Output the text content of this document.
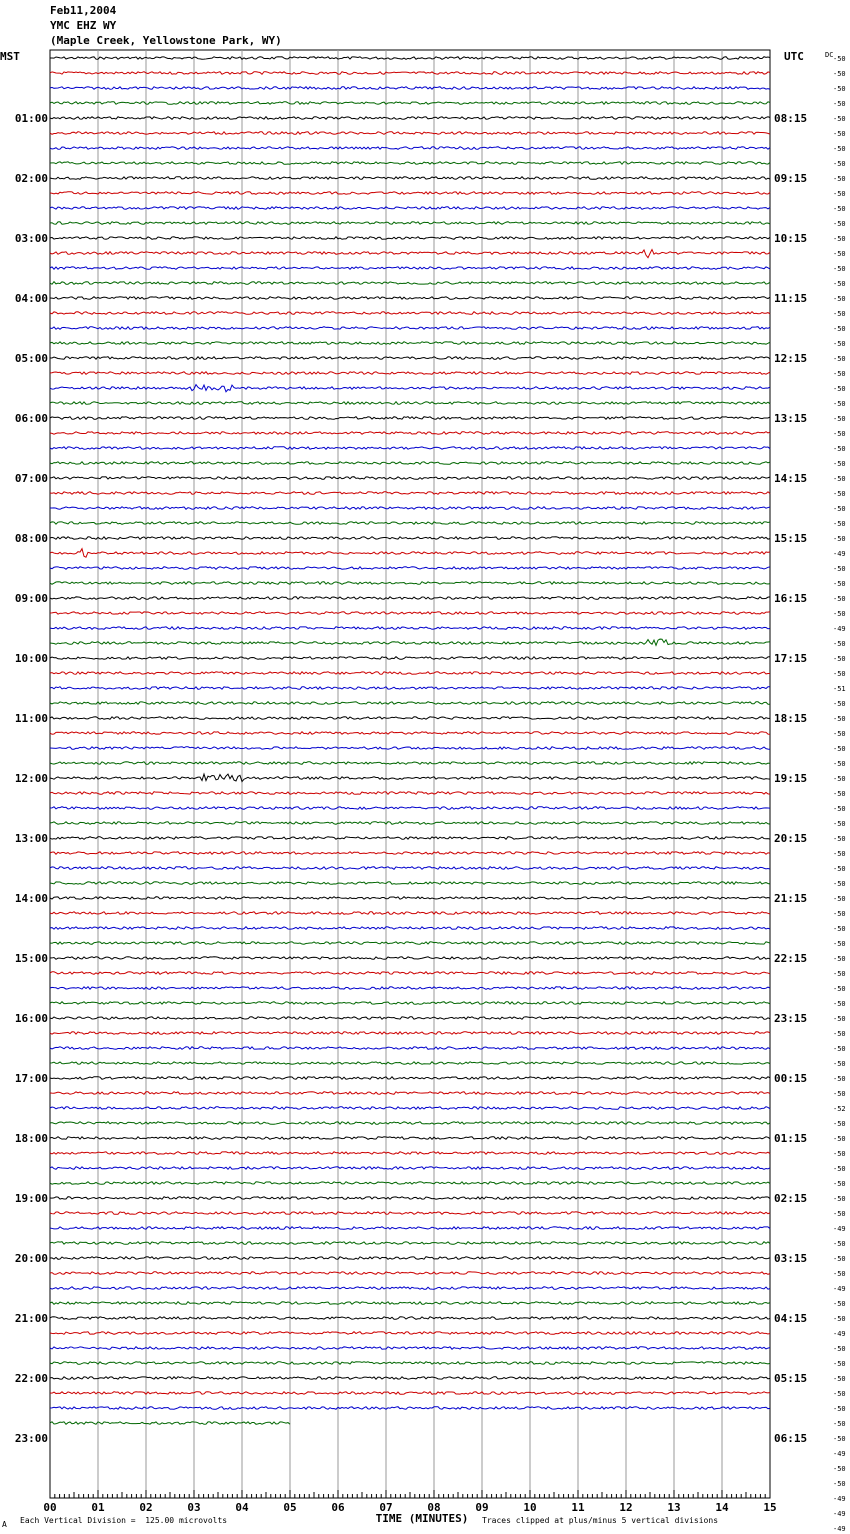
Feb11,2004
YMC EHZ WY
(Maple Creek, Yellowstone Park, WY)
MST
01:00
02:00
03:00
04:00
05:00
06:00
07:00
08:00
09:00
10:00
11:00
12:00
13:00
14:00
15:00
16:00
17:00
18:00
19:00
20:00
21:00
22:00
23:00
UTC
08:15
09:15
10:15
11:15
12:15
13:15
14:15
15:15
16:15
17:15
18:15
19:15
20:15
21:15
22:15
23:15
00:15
01:15
02:15
03:15
04:15
05:15
06:15
DC -50
-50
-50
-50
-50
-50
-50
-50
-50
-50
-50
-50
-50
-50
-50
-50
-50
-50
-50
-50
-50
-50
-50
-50
-50
-50
-50
-50
-50
-50
-50
-50
-50
-49
-50
-50
-50
-50
-49
-50
-50
-50
-51
-50
-50
-50
-50
-50
-50
-50
-50
-50
-50
-50
-50
-50
-50
-50
-50
-50
-50
-50
-50
-50
-50
-50
-50
-50
-50
-50
-52
-50
-50
-50
-50
-50
-50
-50
-49
-50
-50
-50
-49
-50
-50
-49
-50
-50
-50
-50
-50
-50
-50
-49
-50
-50
-49
-49
-49
00	01	02	03	04	05	06	07	08	09	10	11	12	13	14	15
TIME (MINUTES)
A Each Vertical Division =  125.00 microvolts	Traces clipped at plus/minus 5 vertical divisions
